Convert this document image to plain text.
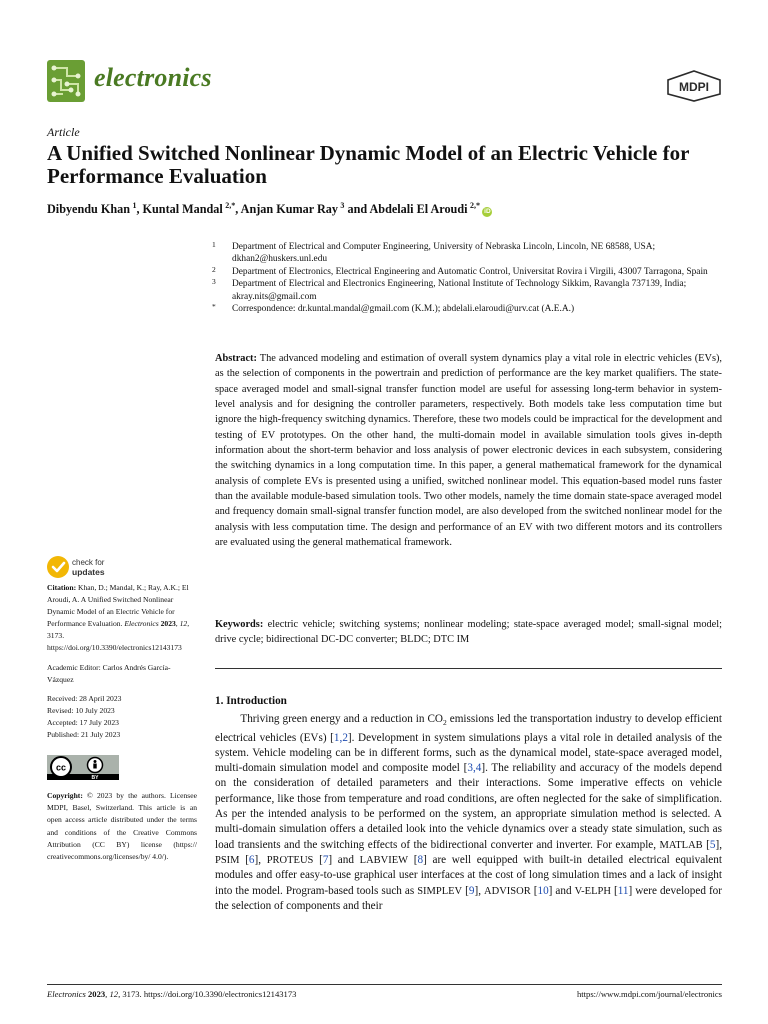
electronics	MDPI
Article
A Unified Switched Nonlinear Dynamic Model of an Electric Vehicle for Performance Evaluation
Dibyendu Khan  $^1$, Kuntal Mandal  $^{2,*}$, Anjan Kumar Ray  $^3$ and Abdelali El Aroudi  $^{2,*}$ iD
1 Department of Electrical and Computer Engineering, University of Nebraska Lincoln, Lincoln, NE 68588, USA; dkhan2@huskers.unl.edu
2 Department of Electronics, Electrical Engineering and Automatic Control, Universitat Rovira i Virgili, 43007 Tarragona, Spain
3 Department of Electrical and Electronics Engineering, National Institute of Technology Sikkim, Ravangla 737139, India; akray.nits@gmail.com
* Correspondence: dr.kuntal.mandal@gmail.com (K.M.); abdelali.elaroudi@urv.cat (A.E.A.)
Abstract: The advanced modeling and estimation of overall system dynamics play a vital role in electric vehicles (EVs), as the selection of components in the powertrain and prediction of performance are the key market qualifiers. The state-space averaged model and small-signal transfer function model are useful for assessing long-term behavior in system-level analysis and for designing the controller parameters, respectively. Both models take less computation time but ignore the high-frequency switching dynamics. Therefore, these two models could be impractical for the development and testing of EV prototypes. On the other hand, the multi-domain model in available simulation tools gives in-depth information about the short-term behavior and loss analysis of power electronic devices in each subsystem, considering the switching dynamics in a long computation time. In this paper, a general mathematical framework for the dynamical analysis of complete EVs is presented using a unified, switched nonlinear model. This equation-based model runs faster than the available module-based simulation tools. Two other models, namely the time domain state-space averaged model and frequency domain small-signal transfer function model, are also developed from the switched nonlinear model for the analysis with less computation time. The design and performance of an EV with two different motors and its controllers are evaluated using the general mathematical framework.
Keywords: electric vehicle; switching systems; nonlinear modeling; state-space averaged model; small-signal model; drive cycle; bidirectional DC-DC converter; BLDC; DTC IM
check for
updates
Citation: Khan, D.; Mandal, K.; Ray, A.K.; El Aroudi, A. A Unified Switched Nonlinear Dynamic Model of an Electric Vehicle for Performance Evaluation. Electronics 2023, 12, 3173. https://doi.org/10.3390/electronics12143173
Academic Editor: Carlos Andrés García-Vázquez
Received: 28 April 2023
Revised: 10 July 2023
Accepted: 17 July 2023
Published: 21 July 2023
cc
BY
Copyright: © 2023 by the authors. Licensee MDPI, Basel, Switzerland. This article is an open access article distributed under the terms and conditions of the Creative Commons Attribution (CC BY) license (https:// creativecommons.org/licenses/by/ 4.0/).
1. Introduction
   Thriving green energy and a reduction in $CO_2$ emissions led the transportation industry to develop efficient electrical vehicles (EVs) [1,2]. Development in system simulations plays a vital role in detailed analysis of the system. Vehicle modeling can be in different forms, such as the dynamical model, state-space averaged model, multi-domain simulation model and composite model [3,4]. The reliability and accuracy of the models depend on the consideration of detailed parameters and their interactions. Some imperative effects on vehicle performance, like those from temperature and road conditions, are often neglected for the sake of simplification. As per the intended analysis to be performed on the system, an appropriate simulation method is selected. A multi-domain simulation offers a detailed look into the vehicle dynamics over a steady state simulation, such as load transients and the switching effects of the bidirectional converter and inverter. For example, MATLAB [5], PSIM [6], PROTEUS [7] and LABVIEW [8] are well equipped with built-in detailed electrical equivalent modules and offer easy-to-use graphical user interfaces at the cost of long simulation times and a lack of insight into the model. Program-based tools such as SIMPLEV [9], ADVISOR [10] and V-ELPH [11] were developed for the selection of components and their
Electronics 2023, 12, 3173. https://doi.org/10.3390/electronics12143173	https://www.mdpi.com/journal/electronics
